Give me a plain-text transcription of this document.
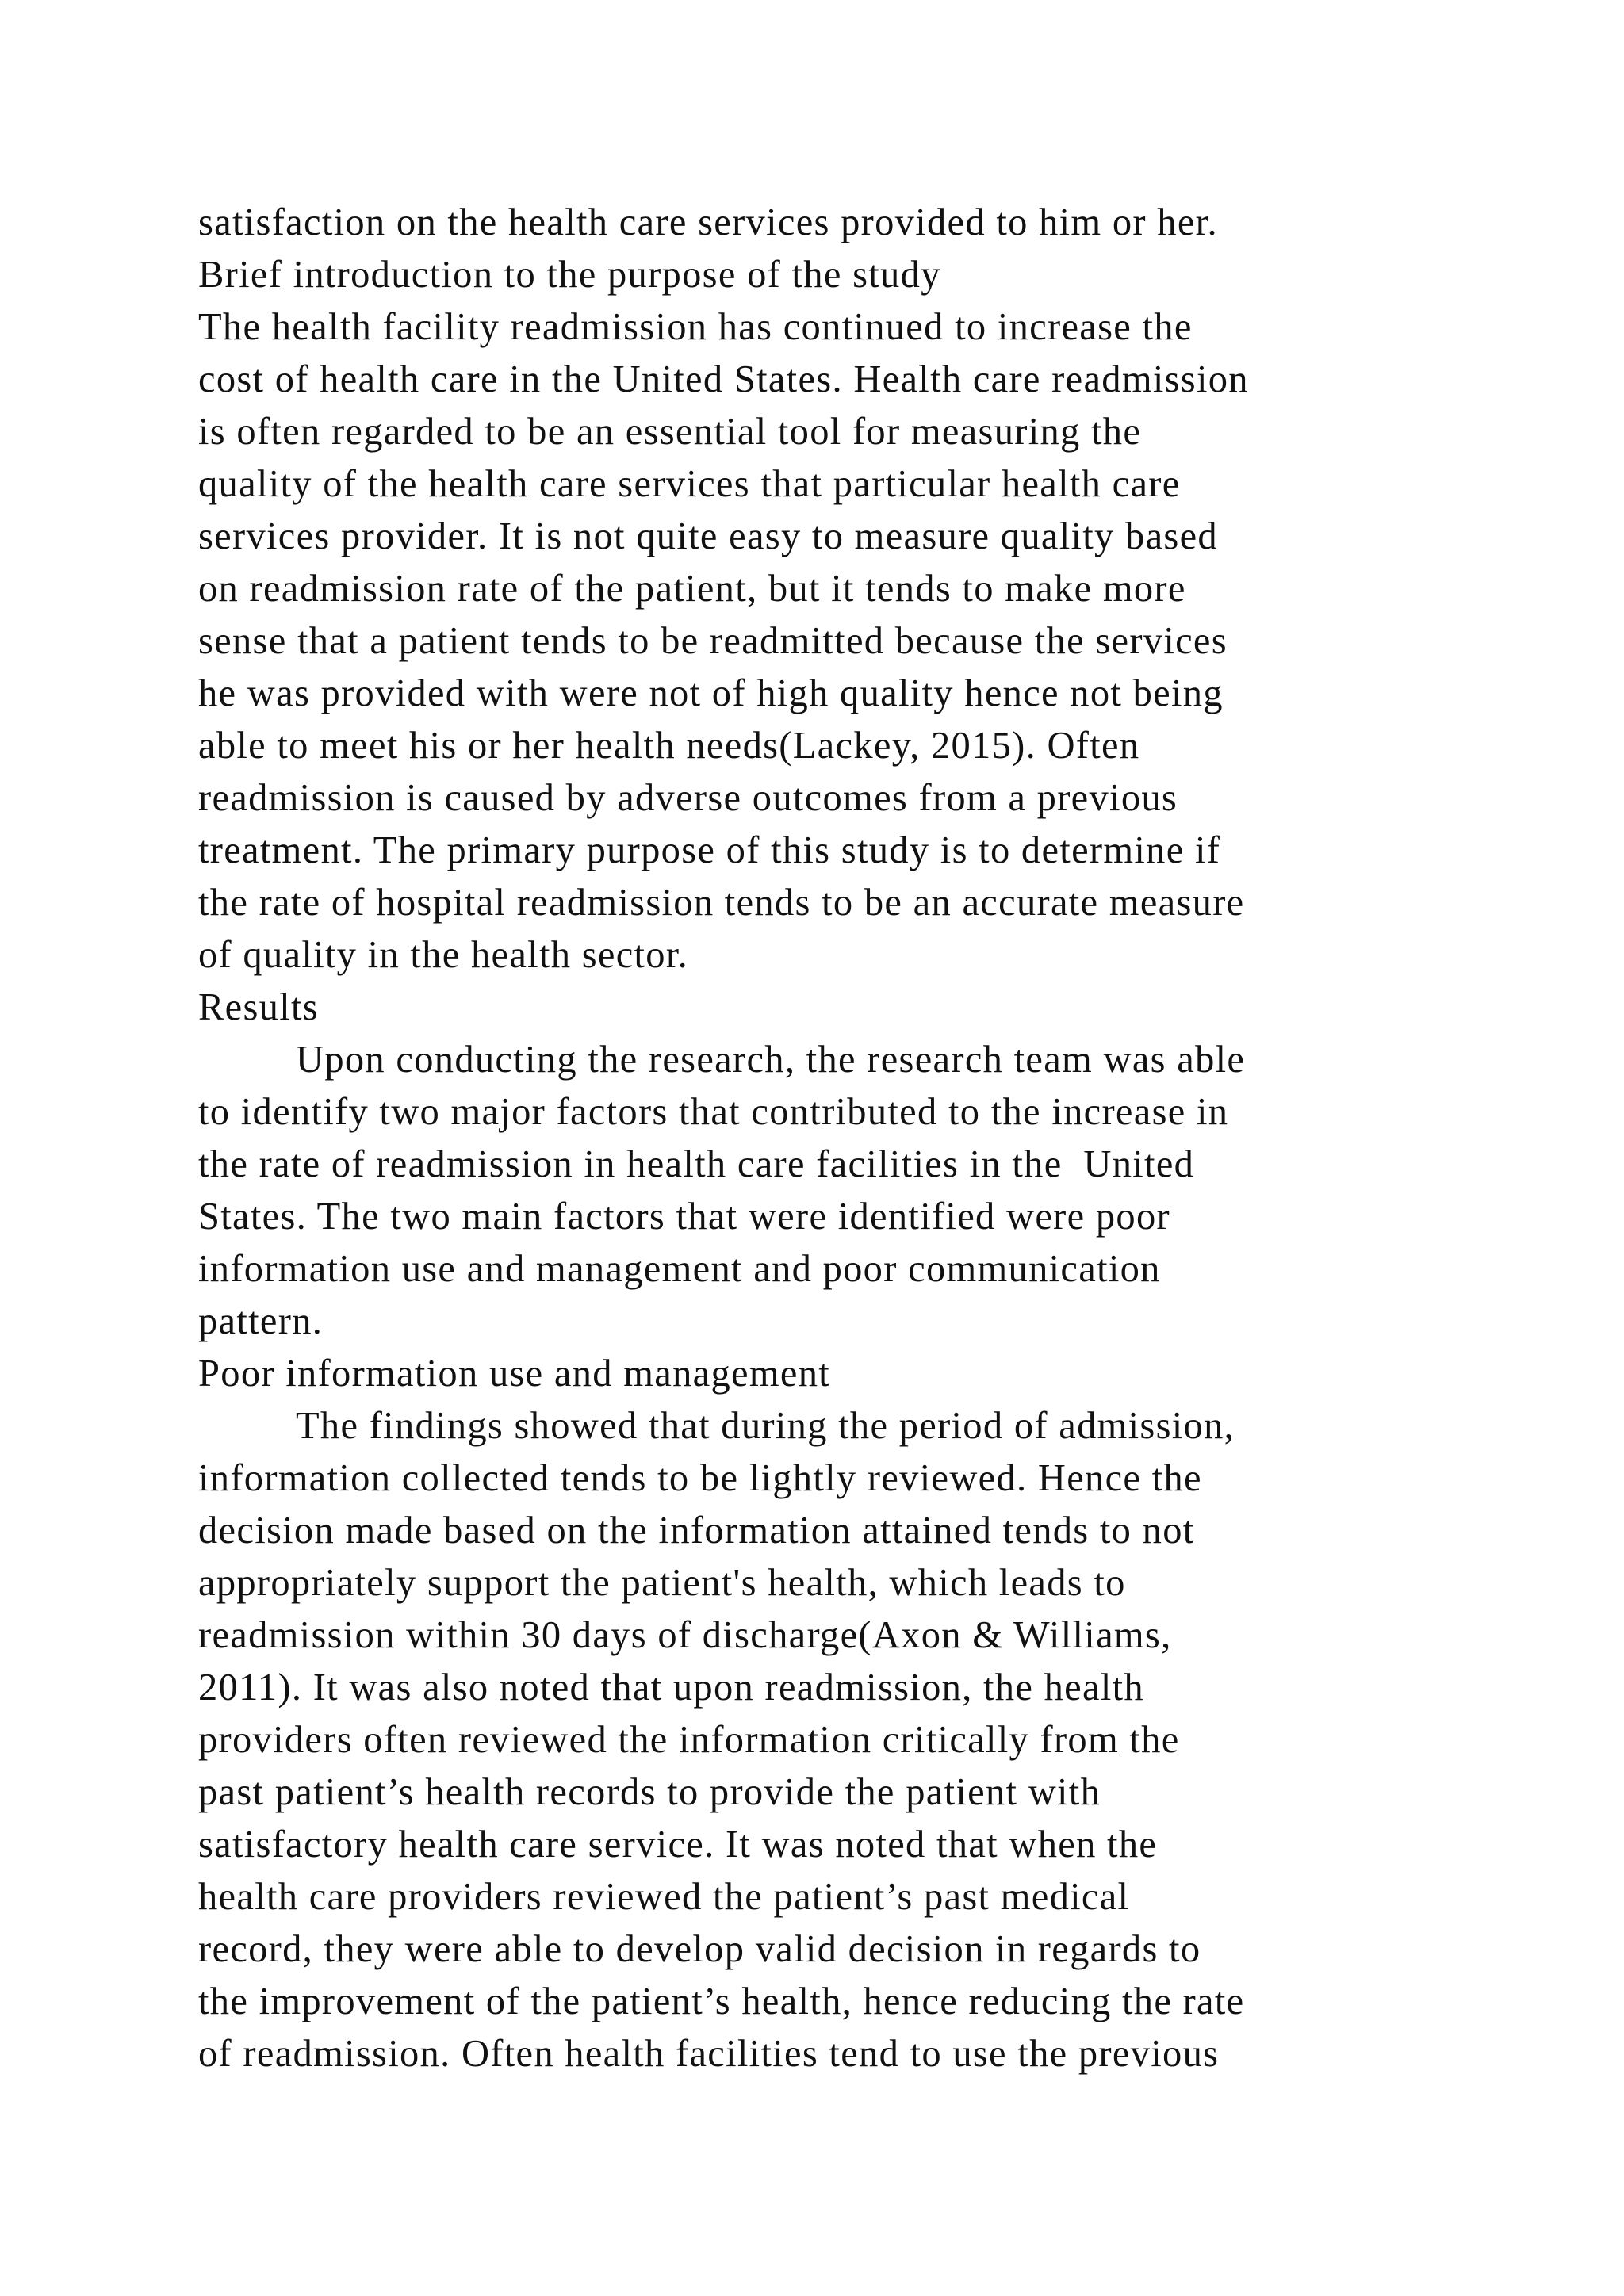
satisfaction on the health care services provided to him or her.
Brief introduction to the purpose of the study
The health facility readmission has continued to increase the
cost of health care in the United States. Health care readmission
is often regarded to be an essential tool for measuring the
quality of the health care services that particular health care
services provider. It is not quite easy to measure quality based
on readmission rate of the patient, but it tends to make more
sense that a patient tends to be readmitted because the services
he was provided with were not of high quality hence not being
able to meet his or her health needs(Lackey, 2015). Often
readmission is caused by adverse outcomes from a previous
treatment. The primary purpose of this study is to determine if
the rate of hospital readmission tends to be an accurate measure
of quality in the health sector.
Results
Upon conducting the research, the research team was able
to identify two major factors that contributed to the increase in
the rate of readmission in health care facilities in the  United
States. The two main factors that were identified were poor
information use and management and poor communication
pattern.
Poor information use and management
The findings showed that during the period of admission,
information collected tends to be lightly reviewed. Hence the
decision made based on the information attained tends to not
appropriately support the patient's health, which leads to
readmission within 30 days of discharge(Axon & Williams,
2011). It was also noted that upon readmission, the health
providers often reviewed the information critically from the
past patient’s health records to provide the patient with
satisfactory health care service. It was noted that when the
health care providers reviewed the patient’s past medical
record, they were able to develop valid decision in regards to
the improvement of the patient’s health, hence reducing the rate
of readmission. Often health facilities tend to use the previous
